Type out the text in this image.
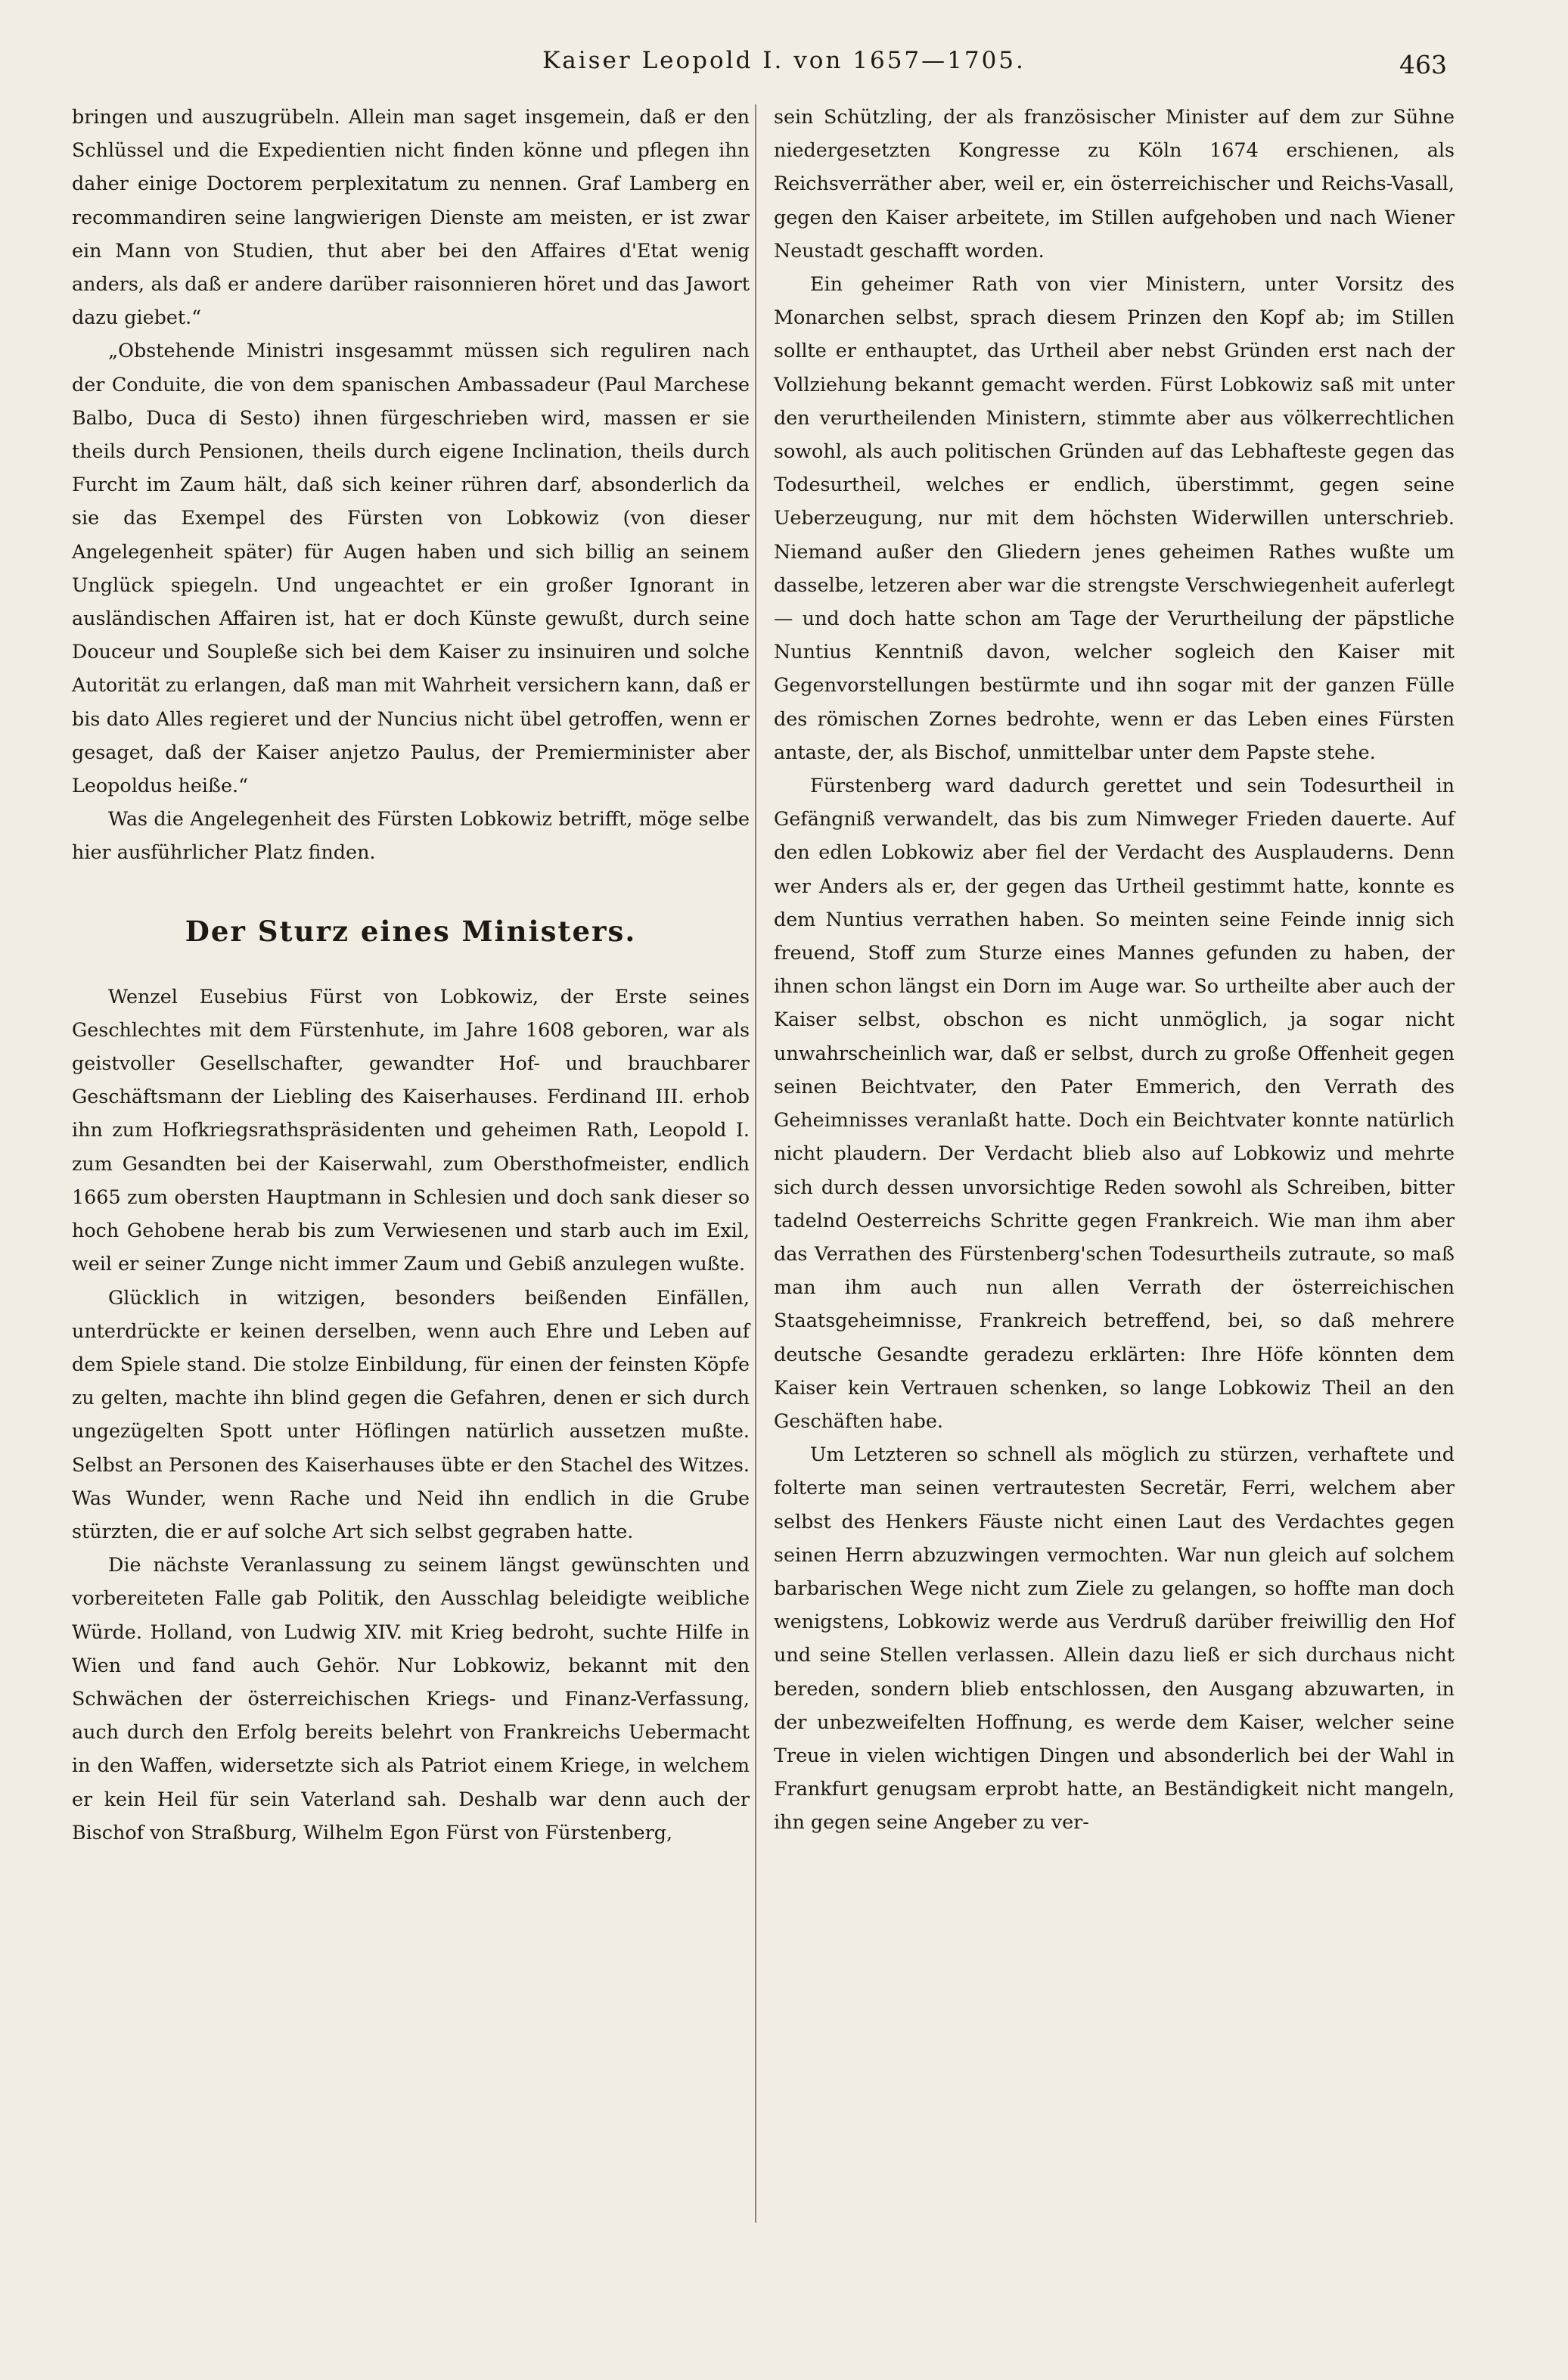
Kaiser Leopold I. von 1657—1705.	463

bringen und auszugrübeln. Allein man saget insgemein, daß er den Schlüssel und die Expedientien nicht finden könne und pflegen ihn daher einige Doctorem perplexitatum zu nennen. Graf Lamberg en recommandiren seine langwierigen Dienste am meisten, er ist zwar ein Mann von Studien, thut aber bei den Affaires d'Etat wenig anders, als daß er andere darüber raisonnieren höret und das Jawort dazu giebet.“

„Obstehende Ministri insgesammt müssen sich reguliren nach der Conduite, die von dem spanischen Ambassadeur (Paul Marchese Balbo, Duca di Sesto) ihnen fürgeschrieben wird, massen er sie theils durch Pensionen, theils durch eigene Inclination, theils durch Furcht im Zaum hält, daß sich keiner rühren darf, absonderlich da sie das Exempel des Fürsten von Lobkowiz (von dieser Angelegenheit später) für Augen haben und sich billig an seinem Unglück spiegeln. Und ungeachtet er ein großer Ignorant in ausländischen Affairen ist, hat er doch Künste gewußt, durch seine Douceur und Soupleße sich bei dem Kaiser zu insinuiren und solche Autorität zu erlangen, daß man mit Wahrheit versichern kann, daß er bis dato Alles regieret und der Nuncius nicht übel getroffen, wenn er gesaget, daß der Kaiser anjetzo Paulus, der Premierminister aber Leopoldus heiße.“

Was die Angelegenheit des Fürsten Lobkowiz betrifft, möge selbe hier ausführlicher Platz finden.

Der Sturz eines Ministers.

Wenzel Eusebius Fürst von Lobkowiz, der Erste seines Geschlechtes mit dem Fürstenhute, im Jahre 1608 geboren, war als geistvoller Gesellschafter, gewandter Hof- und brauchbarer Geschäftsmann der Liebling des Kaiserhauses. Ferdinand III. erhob ihn zum Hofkriegsrathspräsidenten und geheimen Rath, Leopold I. zum Gesandten bei der Kaiserwahl, zum Obersthofmeister, endlich 1665 zum obersten Hauptmann in Schlesien und doch sank dieser so hoch Gehobene herab bis zum Verwiesenen und starb auch im Exil, weil er seiner Zunge nicht immer Zaum und Gebiß anzulegen wußte.

Glücklich in witzigen, besonders beißenden Einfällen, unterdrückte er keinen derselben, wenn auch Ehre und Leben auf dem Spiele stand. Die stolze Einbildung, für einen der feinsten Köpfe zu gelten, machte ihn blind gegen die Gefahren, denen er sich durch ungezügelten Spott unter Höflingen natürlich aussetzen mußte. Selbst an Personen des Kaiserhauses übte er den Stachel des Witzes. Was Wunder, wenn Rache und Neid ihn endlich in die Grube stürzten, die er auf solche Art sich selbst gegraben hatte.

Die nächste Veranlassung zu seinem längst gewünschten und vorbereiteten Falle gab Politik, den Ausschlag beleidigte weibliche Würde. Holland, von Ludwig XIV. mit Krieg bedroht, suchte Hilfe in Wien und fand auch Gehör. Nur Lobkowiz, bekannt mit den Schwächen der österreichischen Kriegs- und Finanz-Verfassung, auch durch den Erfolg bereits belehrt von Frankreichs Uebermacht in den Waffen, widersetzte sich als Patriot einem Kriege, in welchem er kein Heil für sein Vaterland sah. Deshalb war denn auch der Bischof von Straßburg, Wilhelm Egon Fürst von Fürstenberg,

sein Schützling, der als französischer Minister auf dem zur Sühne niedergesetzten Kongresse zu Köln 1674 erschienen, als Reichsverräther aber, weil er, ein österreichischer und Reichs-Vasall, gegen den Kaiser arbeitete, im Stillen aufgehoben und nach Wiener Neustadt geschafft worden.

Ein geheimer Rath von vier Ministern, unter Vorsitz des Monarchen selbst, sprach diesem Prinzen den Kopf ab; im Stillen sollte er enthauptet, das Urtheil aber nebst Gründen erst nach der Vollziehung bekannt gemacht werden. Fürst Lobkowiz saß mit unter den verurtheilenden Ministern, stimmte aber aus völkerrechtlichen sowohl, als auch politischen Gründen auf das Lebhafteste gegen das Todesurtheil, welches er endlich, überstimmt, gegen seine Ueberzeugung, nur mit dem höchsten Widerwillen unterschrieb. Niemand außer den Gliedern jenes geheimen Rathes wußte um dasselbe, letzeren aber war die strengste Verschwiegenheit auferlegt — und doch hatte schon am Tage der Verurtheilung der päpstliche Nuntius Kenntniß davon, welcher sogleich den Kaiser mit Gegenvorstellungen bestürmte und ihn sogar mit der ganzen Fülle des römischen Zornes bedrohte, wenn er das Leben eines Fürsten antaste, der, als Bischof, unmittelbar unter dem Papste stehe.

Fürstenberg ward dadurch gerettet und sein Todesurtheil in Gefängniß verwandelt, das bis zum Nimweger Frieden dauerte. Auf den edlen Lobkowiz aber fiel der Verdacht des Ausplauderns. Denn wer Anders als er, der gegen das Urtheil gestimmt hatte, konnte es dem Nuntius verrathen haben. So meinten seine Feinde innig sich freuend, Stoff zum Sturze eines Mannes gefunden zu haben, der ihnen schon längst ein Dorn im Auge war. So urtheilte aber auch der Kaiser selbst, obschon es nicht unmöglich, ja sogar nicht unwahrscheinlich war, daß er selbst, durch zu große Offenheit gegen seinen Beichtvater, den Pater Emmerich, den Verrath des Geheimnisses veranlaßt hatte. Doch ein Beichtvater konnte natürlich nicht plaudern. Der Verdacht blieb also auf Lobkowiz und mehrte sich durch dessen unvorsichtige Reden sowohl als Schreiben, bitter tadelnd Oesterreichs Schritte gegen Frankreich. Wie man ihm aber das Verrathen des Fürstenberg'schen Todesurtheils zutraute, so maß man ihm auch nun allen Verrath der österreichischen Staatsgeheimnisse, Frankreich betreffend, bei, so daß mehrere deutsche Gesandte geradezu erklärten: Ihre Höfe könnten dem Kaiser kein Vertrauen schenken, so lange Lobkowiz Theil an den Geschäften habe.

Um Letzteren so schnell als möglich zu stürzen, verhaftete und folterte man seinen vertrautesten Secretär, Ferri, welchem aber selbst des Henkers Fäuste nicht einen Laut des Verdachtes gegen seinen Herrn abzuzwingen vermochten. War nun gleich auf solchem barbarischen Wege nicht zum Ziele zu gelangen, so hoffte man doch wenigstens, Lobkowiz werde aus Verdruß darüber freiwillig den Hof und seine Stellen verlassen. Allein dazu ließ er sich durchaus nicht bereden, sondern blieb entschlossen, den Ausgang abzuwarten, in der unbezweifelten Hoffnung, es werde dem Kaiser, welcher seine Treue in vielen wichtigen Dingen und absonderlich bei der Wahl in Frankfurt genugsam erprobt hatte, an Beständigkeit nicht mangeln, ihn gegen seine Angeber zu ver-
